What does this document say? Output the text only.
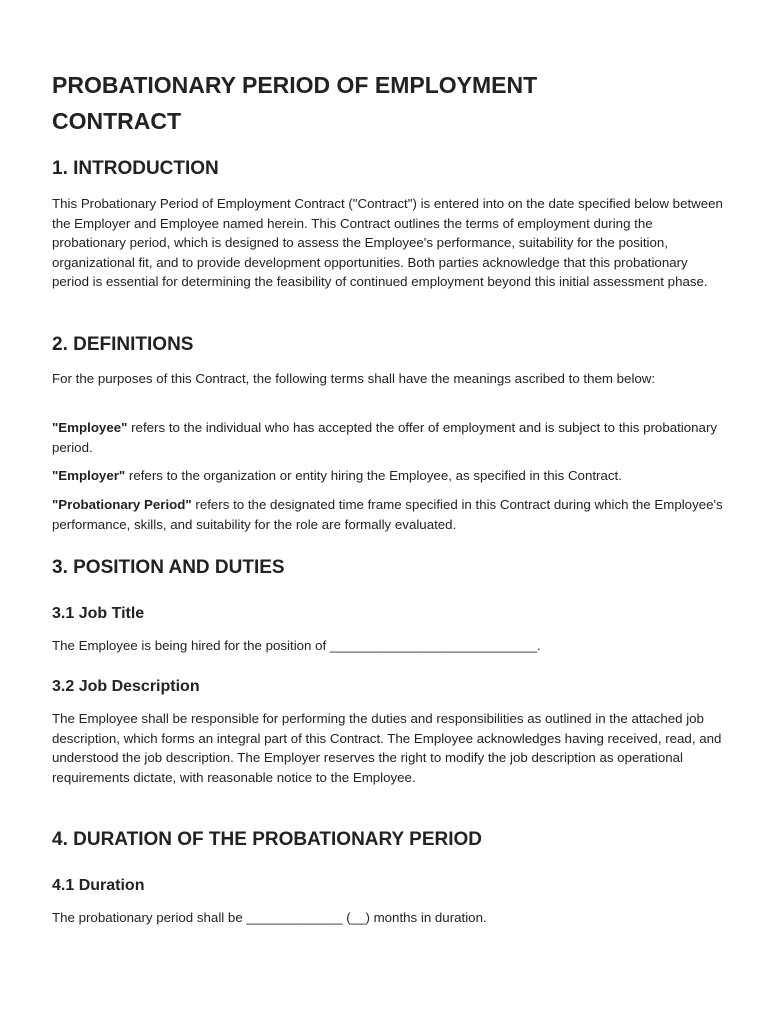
PROBATIONARY PERIOD OF EMPLOYMENT CONTRACT
1. INTRODUCTION

This Probationary Period of Employment Contract ("Contract") is entered into on the date specified below between the Employer and Employee named herein. This Contract outlines the terms of employment during the probationary period, which is designed to assess the Employee's performance, suitability for the position, organizational fit, and to provide development opportunities. Both parties acknowledge that this probationary period is essential for determining the feasibility of continued employment beyond this initial assessment phase.

2. DEFINITIONS

For the purposes of this Contract, the following terms shall have the meanings ascribed to them below:

"Employee" refers to the individual who has accepted the offer of employment and is subject to this probationary period.

"Employer" refers to the organization or entity hiring the Employee, as specified in this Contract.

"Probationary Period" refers to the designated time frame specified in this Contract during which the Employee's performance, skills, and suitability for the role are formally evaluated.

3. POSITION AND DUTIES
3.1 Job Title

The Employee is being hired for the position of ____________________________.

3.2 Job Description

The Employee shall be responsible for performing the duties and responsibilities as outlined in the attached job description, which forms an integral part of this Contract. The Employee acknowledges having received, read, and understood the job description. The Employer reserves the right to modify the job description as operational requirements dictate, with reasonable notice to the Employee.

4. DURATION OF THE PROBATIONARY PERIOD
4.1 Duration

The probationary period shall be _____________ (__) months in duration.
